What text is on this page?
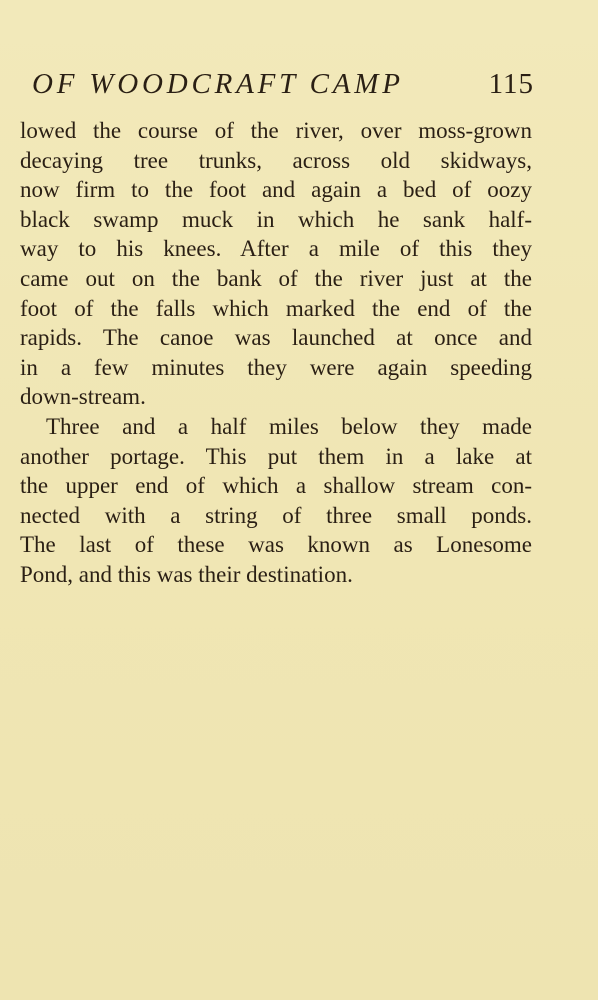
OF WOODCRAFT CAMP	115
lowed the course of the river, over moss-grown
decaying tree trunks, across old skidways,
now firm to the foot and again a bed of oozy
black swamp muck in which he sank half-
way to his knees. After a mile of this they
came out on the bank of the river just at the
foot of the falls which marked the end of the
rapids. The canoe was launched at once and
in a few minutes they were again speeding
down-stream.
Three and a half miles below they made
another portage. This put them in a lake at
the upper end of which a shallow stream con-
nected with a string of three small ponds.
The last of these was known as Lonesome
Pond, and this was their destination.
